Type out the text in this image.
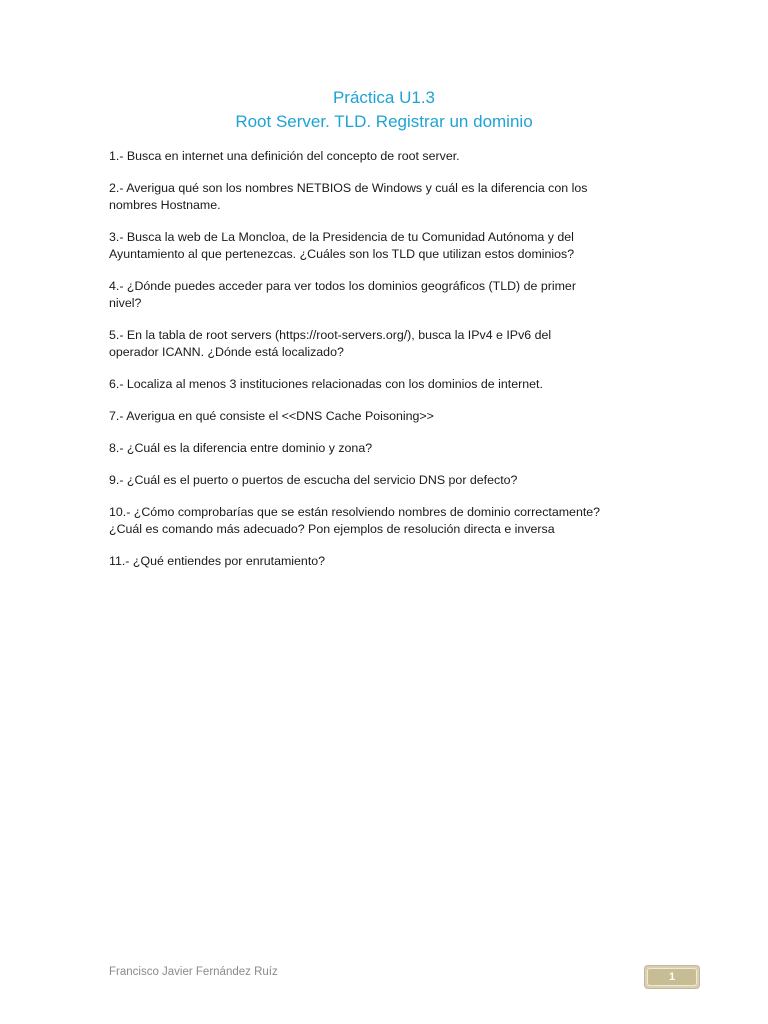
Práctica U1.3
Root Server. TLD. Registrar un dominio
1.- Busca en internet una definición del concepto de root server.
2.- Averigua qué son los nombres NETBIOS de Windows y cuál es la diferencia con los
nombres Hostname.
3.- Busca la web de La Moncloa, de la Presidencia de tu Comunidad Autónoma y del
Ayuntamiento al que pertenezcas. ¿Cuáles son los TLD que utilizan estos dominios?
4.- ¿Dónde puedes acceder para ver todos los dominios geográficos (TLD) de primer
nivel?
5.- En la tabla de root servers (https://root-servers.org/), busca la IPv4 e IPv6 del
operador ICANN. ¿Dónde está localizado?
6.- Localiza al menos 3 instituciones relacionadas con los dominios de internet.
7.- Averigua en qué consiste el <<DNS Cache Poisoning>>
8.- ¿Cuál es la diferencia entre dominio y zona?
9.- ¿Cuál es el puerto o puertos de escucha del servicio DNS por defecto?
10.- ¿Cómo comprobarías que se están resolviendo nombres de dominio correctamente?
¿Cuál es comando más adecuado? Pon ejemplos de resolución directa e inversa
11.- ¿Qué entiendes por enrutamiento?
Francisco Javier Fernández Ruíz	1
